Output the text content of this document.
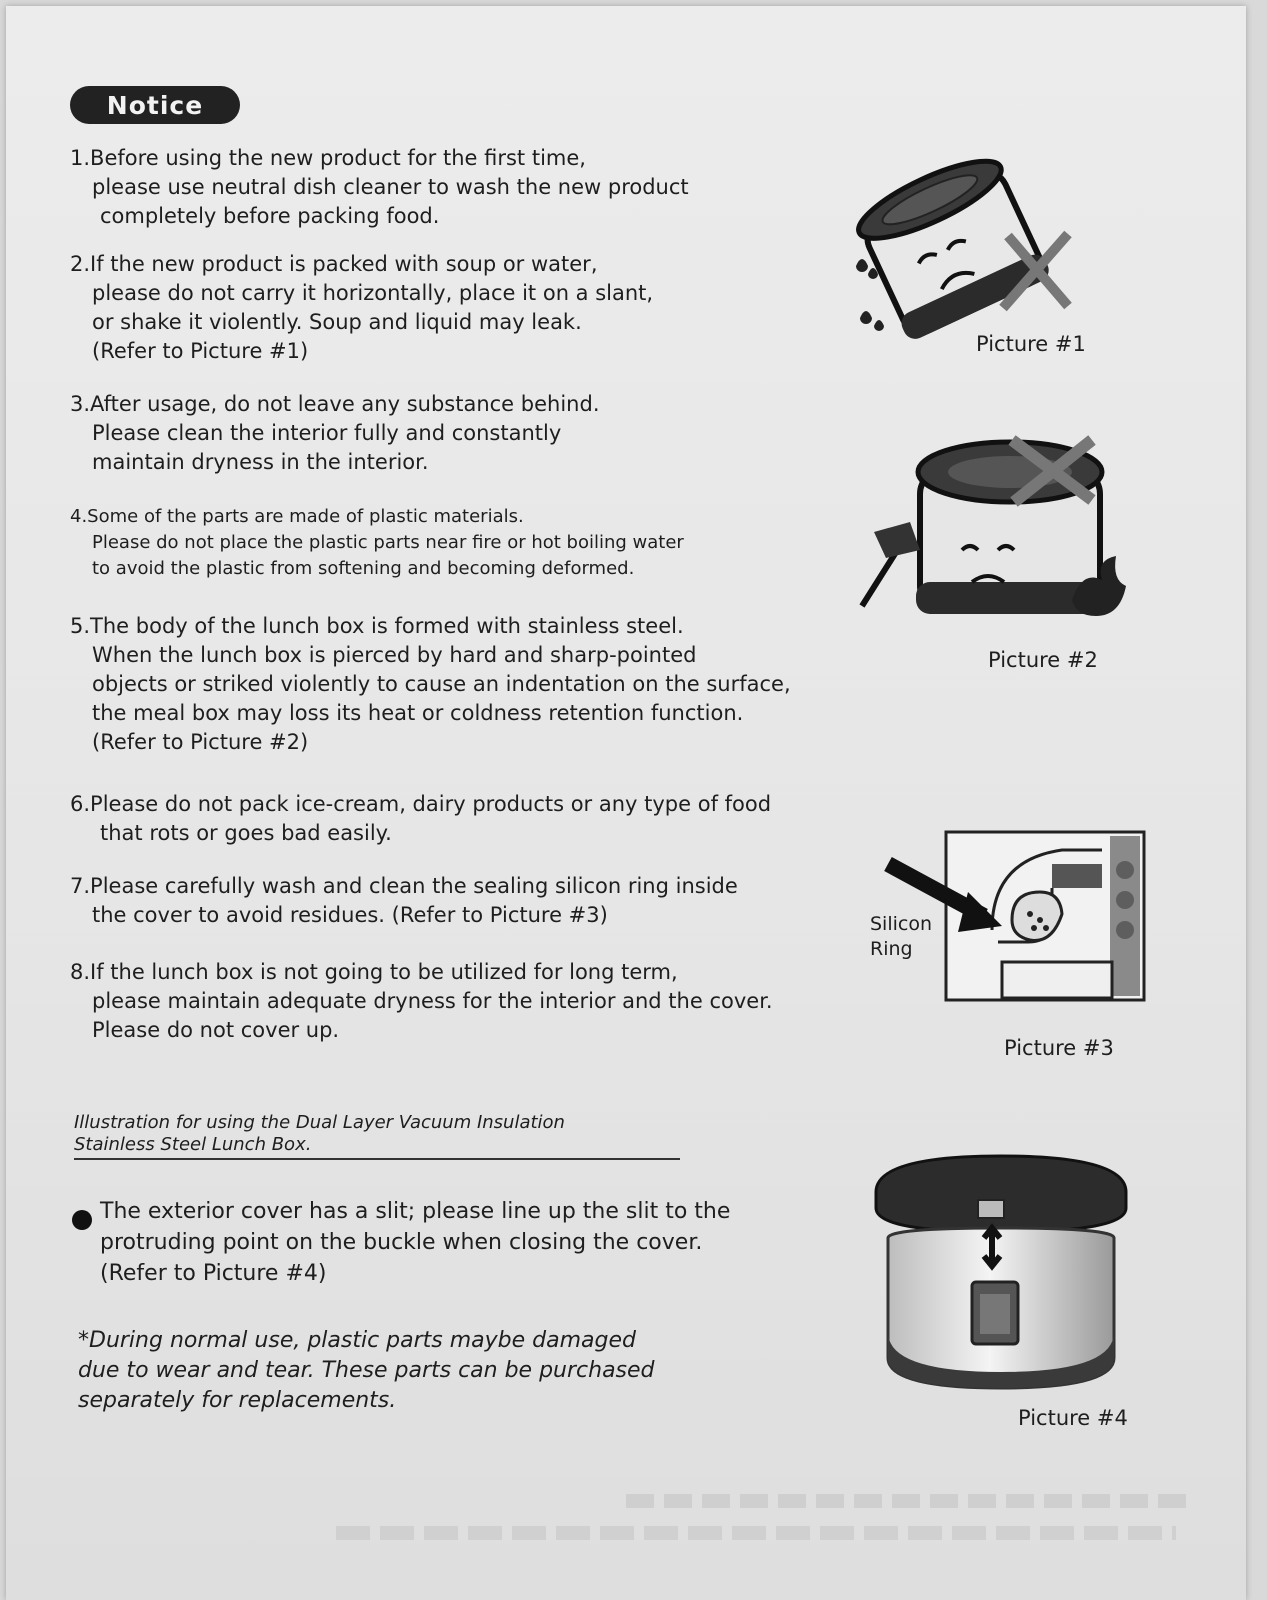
Notice
1.Before using the new product for the first time,
please use neutral dish cleaner to wash the new product
completely before packing food.
2.If the new product is packed with soup or water,
please do not carry it horizontally, place it on a slant,
or shake it violently. Soup and liquid may leak.
(Refer to Picture #1)
3.After usage, do not leave any substance behind.
Please clean the interior fully and constantly
maintain dryness in the interior.
4.Some of the parts are made of plastic materials.
Please do not place the plastic parts near fire or hot boiling water
to avoid the plastic from softening and becoming deformed.
5.The body of the lunch box is formed with stainless steel.
When the lunch box is pierced by hard and sharp-pointed
objects or striked violently to cause an indentation on the surface,
the meal box may loss its heat or coldness retention function.
(Refer to Picture #2)
6.Please do not pack ice-cream, dairy products or any type of food
that rots or goes bad easily.
7.Please carefully wash and clean the sealing silicon ring inside
the cover to avoid residues. (Refer to Picture #3)
8.If the lunch box is not going to be utilized for long term,
please maintain adequate dryness for the interior and the cover.
Please do not cover up.
Picture #1
Picture #2
Silicon
Ring
Picture #3
Illustration for using the Dual Layer Vacuum Insulation
Stainless Steel Lunch Box.
The exterior cover has a slit; please line up the slit to the
protruding point on the buckle when closing the cover.
(Refer to Picture #4)
*During normal use, plastic parts maybe damaged
due to wear and tear. These parts can be purchased
separately for replacements.
Picture #4
